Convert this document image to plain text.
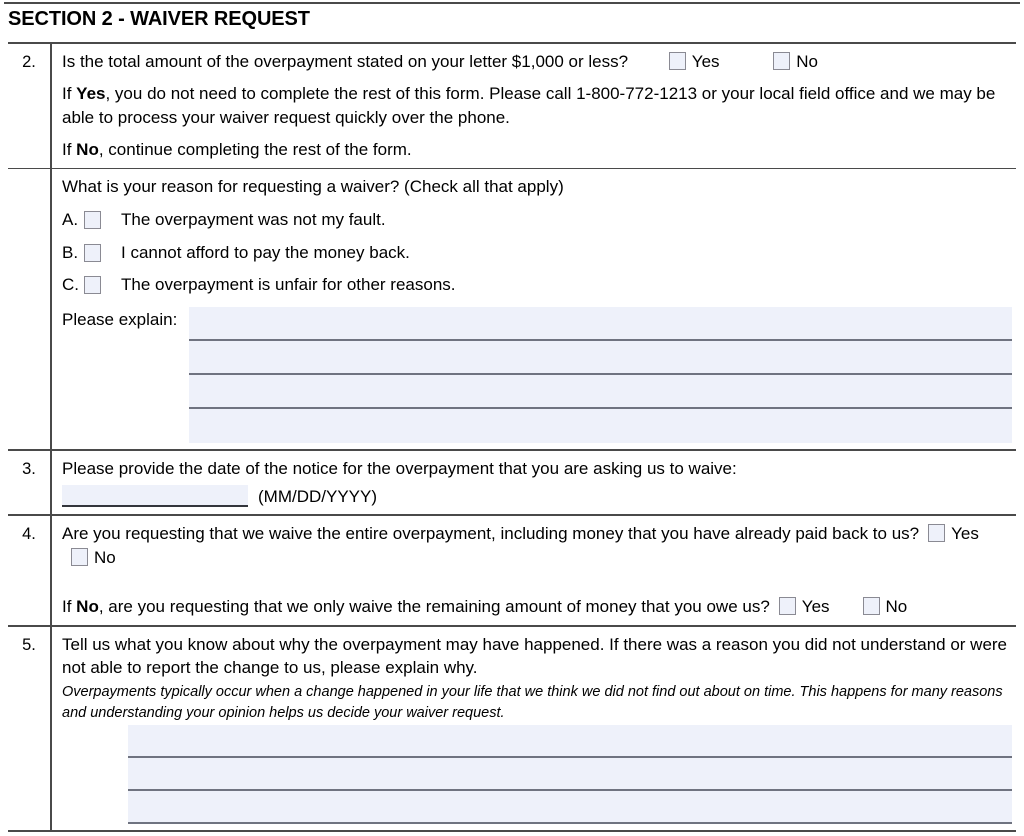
SECTION 2 - WAIVER REQUEST
2.	Is the total amount of the overpayment stated on your letter $1,000 or less?	Yes	No

If Yes, you do not need to complete the rest of this form. Please call 1-800-772-1213 or your local field office and we may be able to process your waiver request quickly over the phone.

If No, continue completing the rest of the form.

What is your reason for requesting a waiver? (Check all that apply)

A.	The overpayment was not my fault.
B.	I cannot afford to pay the money back.
C. The overpayment is unfair for other reasons.
Please explain:
3.	Please provide the date of the notice for the overpayment that you are asking us to waive:

(MM/DD/YYYY)

4.	Are you requesting that we waive the entire overpayment, including money that you have already paid back to us? YesNo

If No, are you requesting that we only waive the remaining amount of money that you owe us? Yes	No

5.	Tell us what you know about why the overpayment may have happened. If there was a reason you did not understand or were not able to report the change to us, please explain why.

Overpayments typically occur when a change happened in your life that we think we did not find out about on time. This happens for many reasons and understanding your opinion helps us decide your waiver request.
